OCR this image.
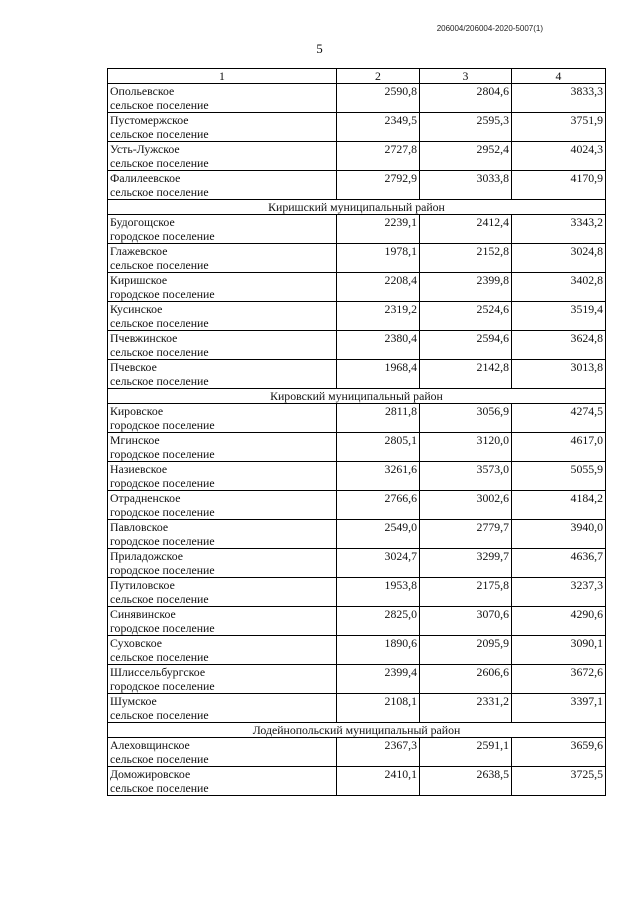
206004/206004-2020-5007(1)
5
1	2	3	4

Опольевское
сельское поселение	2590,8	2804,6	3833,3

Пустомержское
сельское поселение	2349,5	2595,3	3751,9

Усть-Лужское
сельское поселение	2727,8	2952,4	4024,3

Фалилеевское
сельское поселение	2792,9	3033,8	4170,9
Киришский муниципальный район			

Будогощское
городское поселение	2239,1	2412,4	3343,2

Глажевское
сельское поселение	1978,1	2152,8	3024,8

Киришское
городское поселение	2208,4	2399,8	3402,8

Кусинское
сельское поселение	2319,2	2524,6	3519,4

Пчевжинское
сельское поселение	2380,4	2594,6	3624,8

Пчевское
сельское поселение	1968,4	2142,8	3013,8
Кировский муниципальный район			

Кировское
городское поселение	2811,8	3056,9	4274,5

Мгинское
городское поселение	2805,1	3120,0	4617,0

Назиевское
городское поселение	3261,6	3573,0	5055,9

Отрадненское
городское поселение	2766,6	3002,6	4184,2

Павловское
городское поселение	2549,0	2779,7	3940,0

Приладожское
городское поселение	3024,7	3299,7	4636,7

Путиловское
сельское поселение	1953,8	2175,8	3237,3

Синявинское
городское поселение	2825,0	3070,6	4290,6

Суховское
сельское поселение	1890,6	2095,9	3090,1

Шлиссельбургское
городское поселение	2399,4	2606,6	3672,6

Шумское
сельское поселение	2108,1	2331,2	3397,1
Лодейнопольский муниципальный район			

Алеховщинское
сельское поселение	2367,3	2591,1	3659,6

Доможировское
сельское поселение	2410,1	2638,5	3725,5
